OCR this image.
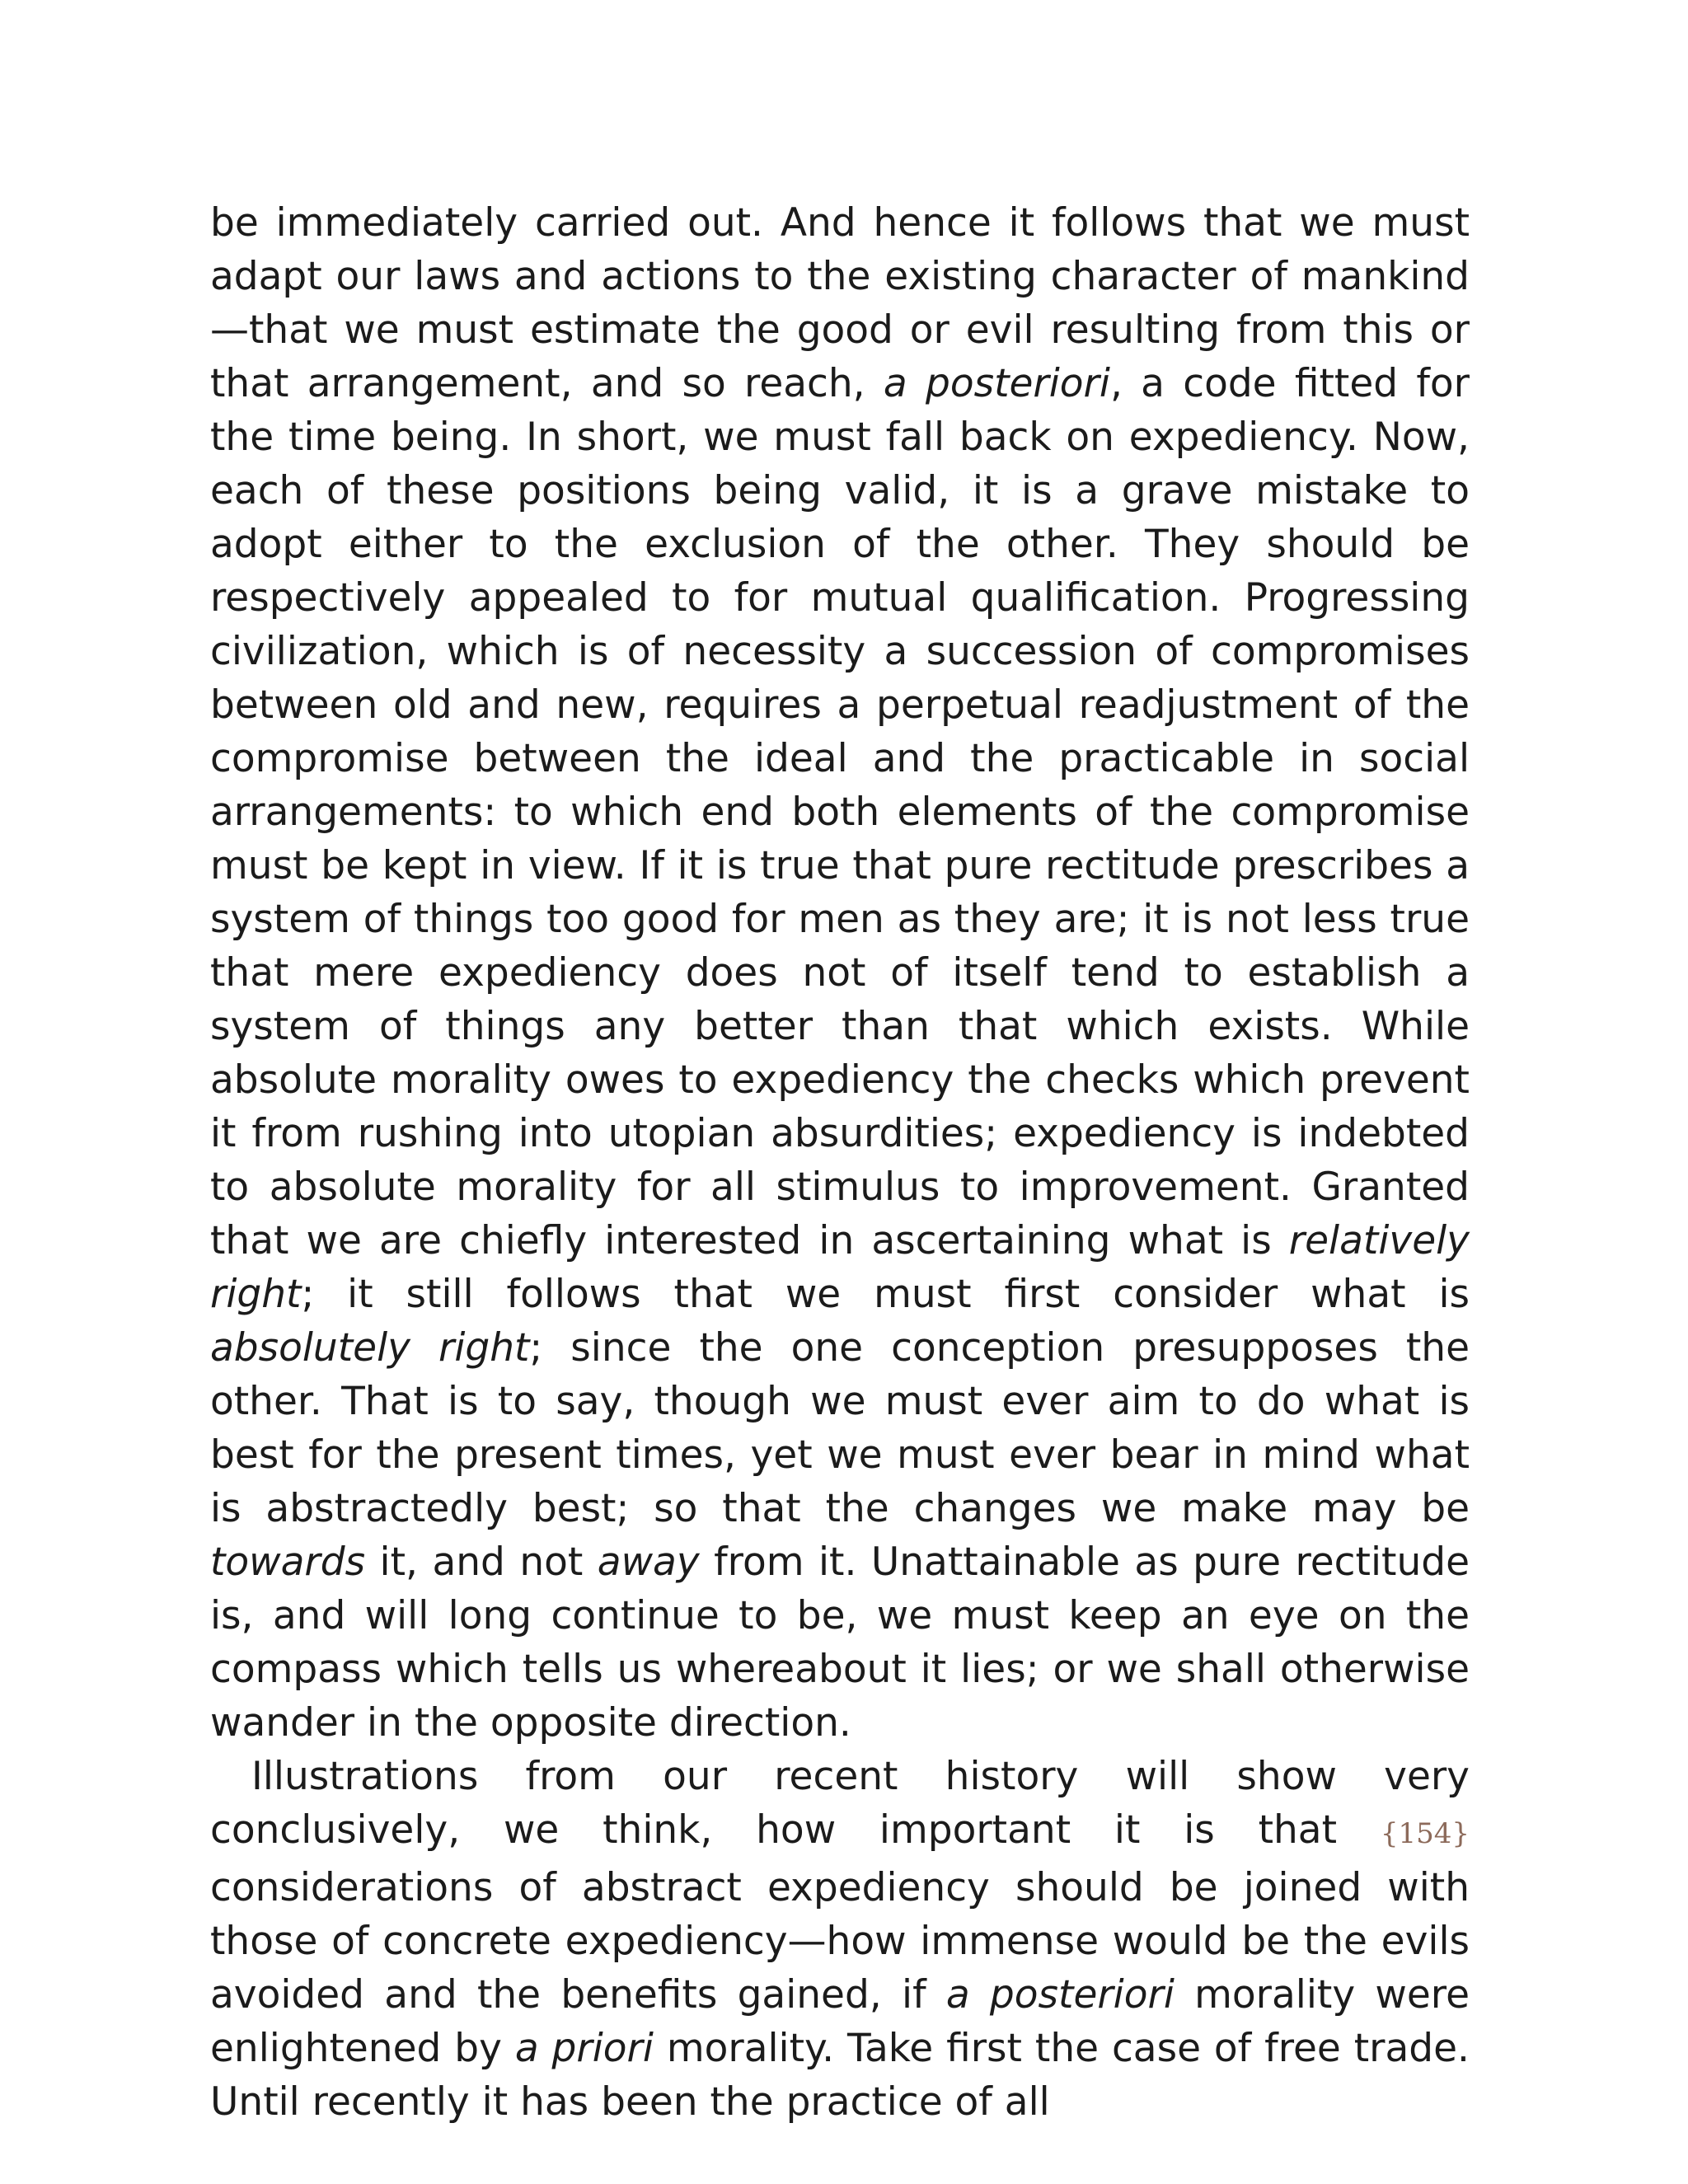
be immediately carried out. And hence it follows that we must adapt our laws and actions to the existing character of mankind—that we must estimate the good or evil resulting from this or that arrangement, and so reach, a posteriori, a code fitted for the time being. In short, we must fall back on expediency. Now, each of these positions being valid, it is a grave mistake to adopt either to the exclusion of the other. They should be respectively appealed to for mutual qualification. Progressing civilization, which is of necessity a succession of compromises between old and new, requires a perpetual readjustment of the compromise between the ideal and the practicable in social arrangements: to which end both elements of the compromise must be kept in view. If it is true that pure rectitude prescribes a system of things too good for men as they are; it is not less true that mere expediency does not of itself tend to establish a system of things any better than that which exists. While absolute morality owes to expediency the checks which prevent it from rushing into utopian absurdities; expediency is indebted to absolute morality for all stimulus to improvement. Granted that we are chiefly interested in ascertaining what is relatively right; it still follows that we must first consider what is absolutely right; since the one conception presupposes the other. That is to say, though we must ever aim to do what is best for the present times, yet we must ever bear in mind what is abstractedly best; so that the changes we make may be towards it, and not away from it. Unattainable as pure rectitude is, and will long continue to be, we must keep an eye on the compass which tells us whereabout it lies; or we shall otherwise wander in the opposite direction.

Illustrations from our recent history will show very conclusively, we think, how important it is that {154} considerations of abstract expediency should be joined with those of concrete expediency—how immense would be the evils avoided and the benefits gained, if a posteriori morality were enlightened by a priori morality. Take first the case of free trade. Until recently it has been the practice of all
